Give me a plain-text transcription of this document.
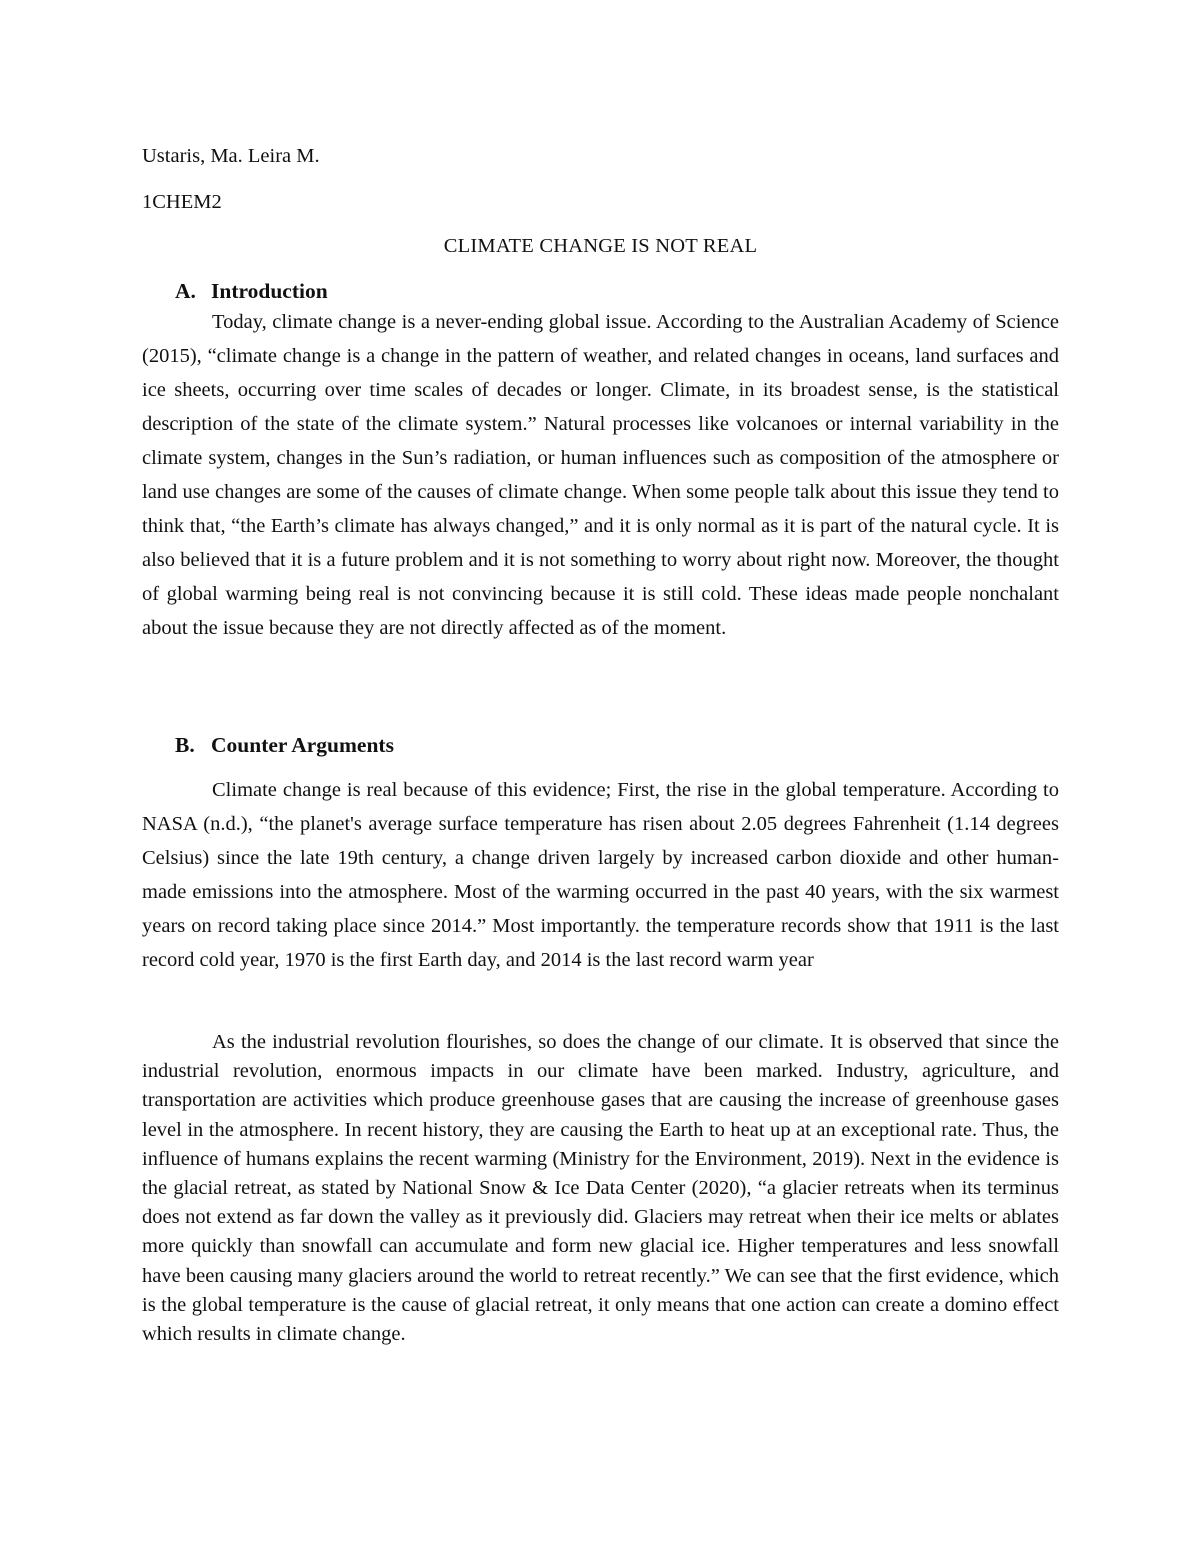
Ustaris, Ma. Leira M.
1CHEM2
CLIMATE CHANGE IS NOT REAL
A. Introduction

Today, climate change is a never-ending global issue. According to the Australian Academy of Science (2015), “climate change is a change in the pattern of weather, and related changes in oceans, land surfaces and ice sheets, occurring over time scales of decades or longer. Climate, in its broadest sense, is the statistical description of the state of the climate system.” Natural processes like volcanoes or internal variability in the climate system, changes in the Sun’s radiation, or human influences such as composition of the atmosphere or land use changes are some of the causes of climate change. When some people talk about this issue they tend to think that, “the Earth’s climate has always changed,” and it is only normal as it is part of the natural cycle. It is also believed that it is a future problem and it is not something to worry about right now. Moreover, the thought of global warming being real is not convincing because it is still cold. These ideas made people nonchalant about the issue because they are not directly affected as of the moment.

B. Counter Arguments

Climate change is real because of this evidence; First, the rise in the global temperature. According to NASA (n.d.), “the planet's average surface temperature has risen about 2.05 degrees Fahrenheit (1.14 degrees Celsius) since the late 19th century, a change driven largely by increased carbon dioxide and other human-made emissions into the atmosphere. Most of the warming occurred in the past 40 years, with the six warmest years on record taking place since 2014.” Most importantly. the temperature records show that 1911 is the last record cold year, 1970 is the first Earth day, and 2014 is the last record warm year

As the industrial revolution flourishes, so does the change of our climate. It is observed that since the industrial revolution, enormous impacts in our climate have been marked. Industry, agriculture, and transportation are activities which produce greenhouse gases that are causing the increase of greenhouse gases level in the atmosphere. In recent history, they are causing the Earth to heat up at an exceptional rate. Thus, the influence of humans explains the recent warming (Ministry for the Environment, 2019). Next in the evidence is the glacial retreat, as stated by National Snow & Ice Data Center (2020), “a glacier retreats when its terminus does not extend as far down the valley as it previously did. Glaciers may retreat when their ice melts or ablates more quickly than snowfall can accumulate and form new glacial ice. Higher temperatures and less snowfall have been causing many glaciers around the world to retreat recently.” We can see that the first evidence, which is the global temperature is the cause of glacial retreat, it only means that one action can create a domino effect which results in climate change.
